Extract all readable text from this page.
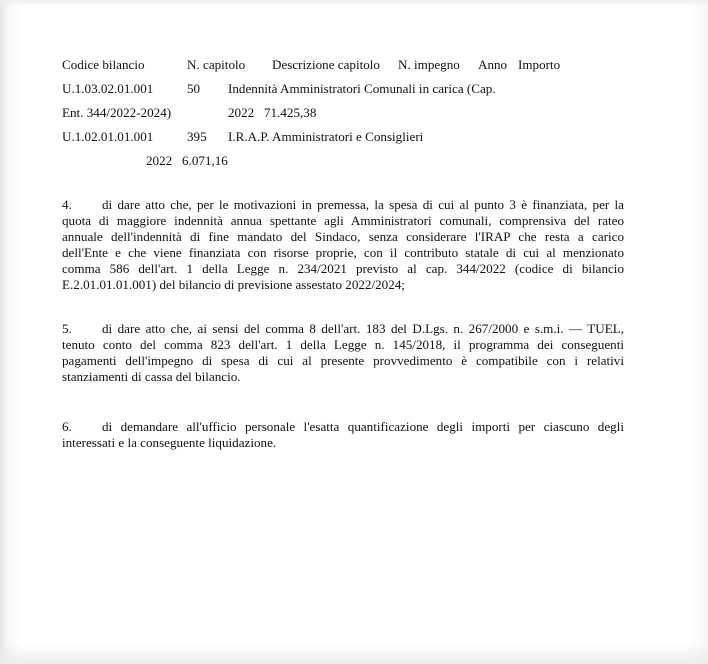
Codice bilancio	N. capitolo Descrizione capitolo N. impegno Anno Importo
U.1.03.02.01.001	50 Indennità Amministratori Comunali in carica (Cap.
Ent. 344/2022-2024)	2022   71.425,38
U.1.02.01.01.001	395 I.R.A.P. Amministratori e Consiglieri
2022   6.071,16
4. di dare atto che, per le motivazioni in premessa, la spesa di cui al punto 3 è finanziata, per la
quota di maggiore indennità annua spettante agli Amministratori comunali, comprensiva del rateo
annuale dell'indennità di fine mandato del Sindaco, senza considerare l'IRAP che resta a carico
dell'Ente e che viene finanziata con risorse proprie, con il contributo statale di cui al menzionato
comma 586 dell'art. 1 della Legge n. 234/2021 previsto al cap. 344/2022 (codice di bilancio
E.2.01.01.01.001) del bilancio di previsione assestato 2022/2024;
5. di dare atto che, ai sensi del comma 8 dell'art. 183 del D.Lgs. n. 267/2000 e s.m.i. — TUEL,
tenuto conto del comma 823 dell'art. 1 della Legge n. 145/2018, il programma dei conseguenti
pagamenti dell'impegno di spesa di cui al presente provvedimento è compatibile con i relativi
stanziamenti di cassa del bilancio.
6. di demandare all'ufficio personale l'esatta quantificazione degli importi per ciascuno degli
interessati e la conseguente liquidazione.
